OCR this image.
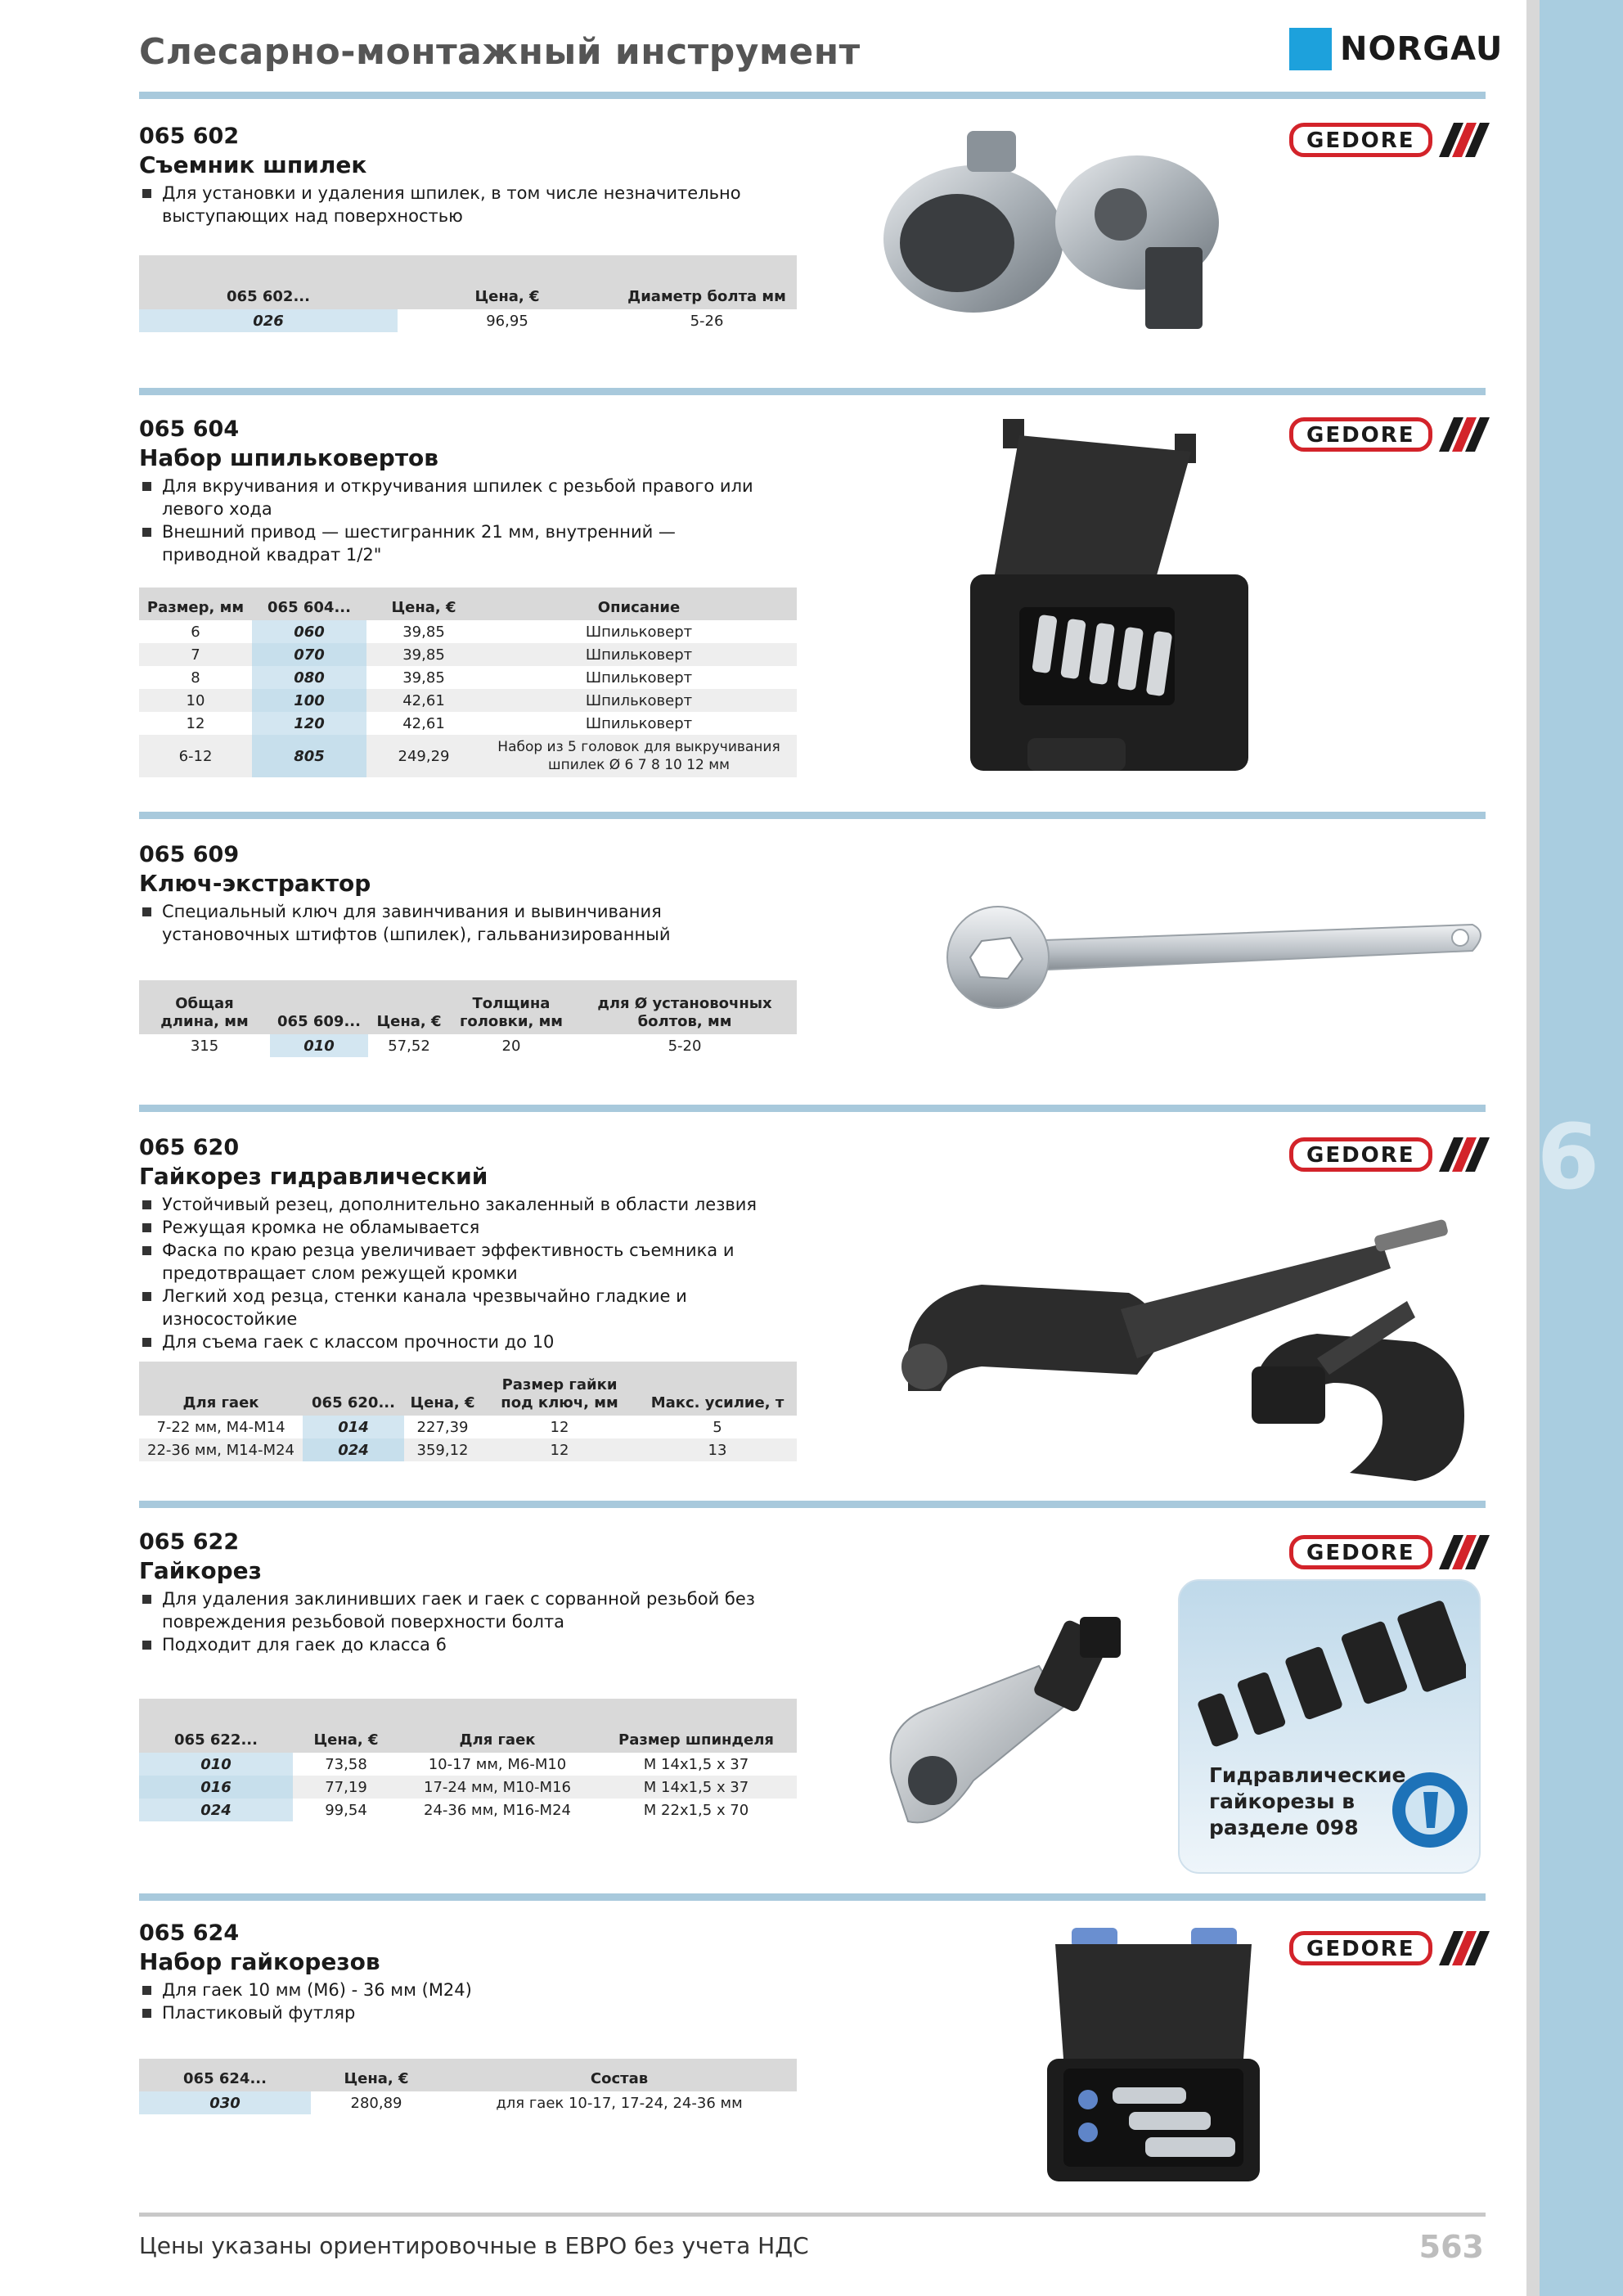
6
Слесарно-монтажный инструмент	NORGAU
065 602
Съемник шпилек
Для установки и удаления шпилек, в том числе незначительно выступающих над поверхностью
065 602...	Цена, €	Диаметр болта мм
026	96,95	5-26
GEDORE
065 604
Набор шпильковертов
Для вкручивания и откручивания шпилек с резьбой правого или левого хода
Внешний привод — шестигранник 21 мм, внутренний — приводной квадрат 1/2"
Размер, мм	065 604...	Цена, €	Описание
6	060	39,85	Шпильковерт
7	070	39,85	Шпильковерт
8	080	39,85	Шпильковерт
10	100	42,61	Шпильковерт
12	120	42,61	Шпильковерт
6-12	805	249,29	Набор из 5 головок для выкручивания шпилек Ø 6 7 8 10 12 мм
GEDORE
065 609
Ключ-экстрактор
Специальный ключ для завинчивания и вывинчивания установочных штифтов (шпилек), гальванизированный
Общая длина, мм	065 609...	Цена, €	Толщина головки, мм	для Ø установочных болтов, мм
315	010	57,52	20	5-20
065 620
Гайкорез гидравлический
Устойчивый резец, дополнительно закаленный в области лезвия
Режущая кромка не обламывается
Фаска по краю резца увеличивает эффективность съемника и предотвращает слом режущей кромки
Легкий ход резца, стенки канала чрезвычайно гладкие и износостойкие
Для съема гаек с классом прочности до 10
Для гаек	065 620...	Цена, €	Размер гайки под ключ, мм	Макс. усилие, т
7-22 мм, M4-M14	014	227,39	12	5
22-36 мм, M14-M24	024	359,12	12	13
GEDORE
065 622
Гайкорез
Для удаления заклинивших гаек и гаек с сорванной резьбой без повреждения резьбовой поверхности болта
Подходит для гаек до класса 6
065 622...	Цена, €	Для гаек	Размер шпинделя
010	73,58	10-17 мм, M6-M10	M 14x1,5 x 37
016	77,19	17-24 мм, M10-M16	M 14x1,5 x 37
024	99,54	24-36 мм, M16-M24	M 22x1,5 x 70
GEDORE
Гидравлические гайкорезы в разделе 098
065 624
Набор гайкорезов
Для гаек 10 мм (M6) - 36 мм (M24)
Пластиковый футляр
065 624...	Цена, €	Состав
030	280,89	для гаек 10-17, 17-24, 24-36 мм
GEDORE
Цены указаны ориентировочные в ЕВРО без учета НДС	563
